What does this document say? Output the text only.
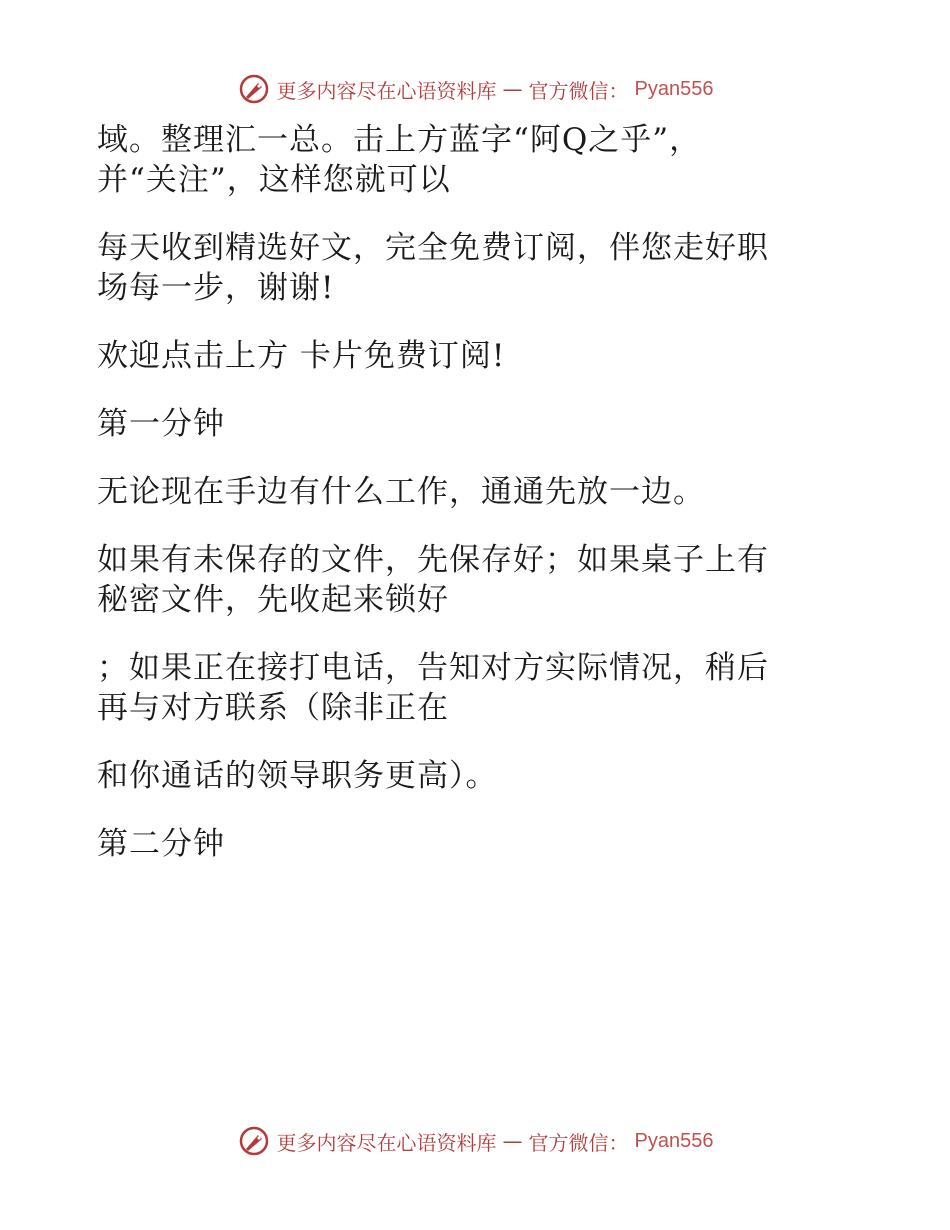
更多内容尽在心语资料库 — 官方微信： Pyan556

域。整理汇一总。击上方蓝字“阿Q之乎”，

并“关注”，这样您就可以

每天收到精选好文，完全免费订阅，伴您走好职

场每一步，谢谢!

欢迎点击上方 卡片免费订阅!

第一分钟

无论现在手边有什么工作，通通先放一边。

如果有未保存的文件，先保存好；如果桌子上有

秘密文件，先收起来锁好

；如果正在接打电话，告知对方实际情况，稍后

再与对方联系（除非正在

和你通话的领导职务更高）。

第二分钟

更多内容尽在心语资料库 — 官方微信： Pyan556
